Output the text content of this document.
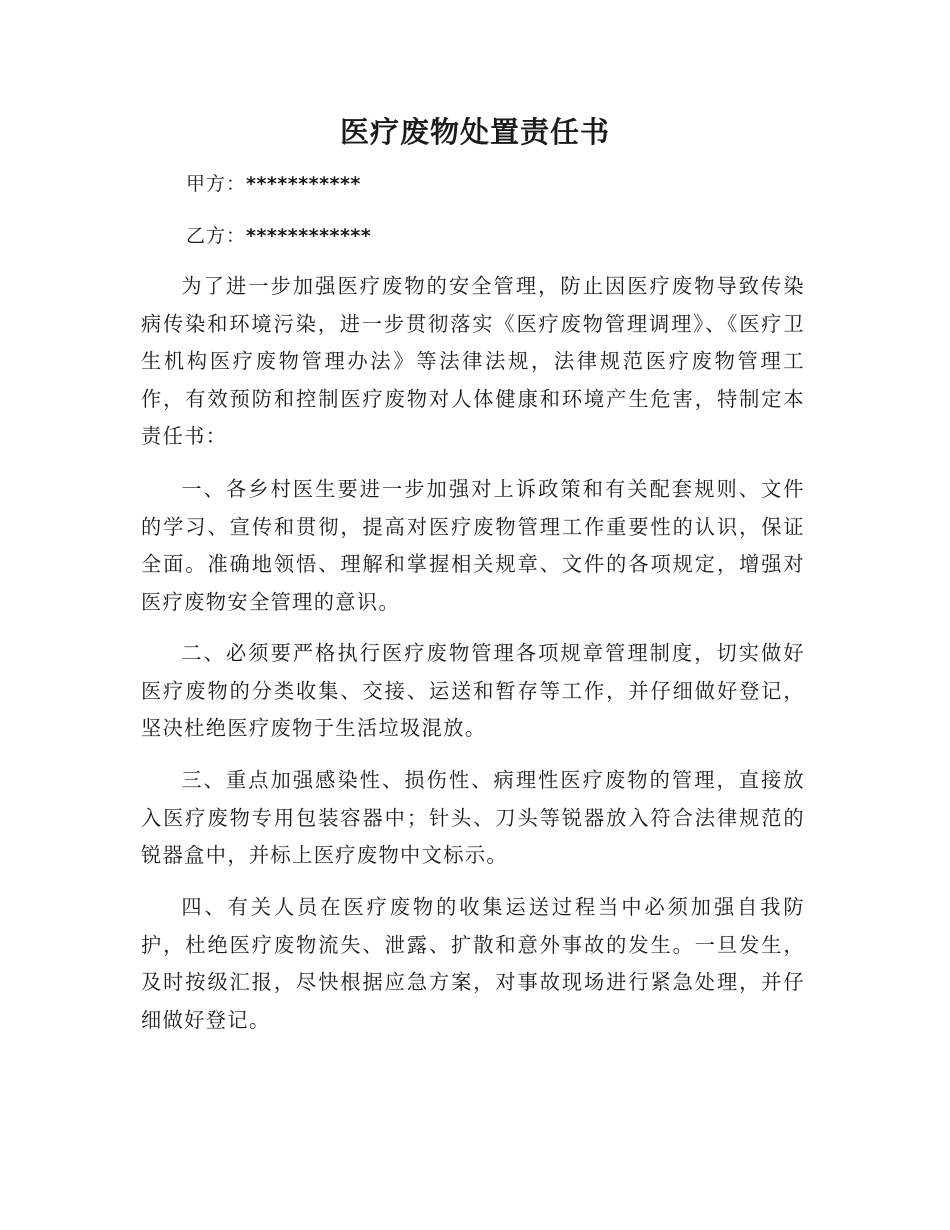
医疗废物处置责任书
甲方：***********
乙方：************

为了进一步加强医疗废物的安全管理，防止因医疗废物导致传染病传染和环境污染，进一步贯彻落实《医疗废物管理调理》、《医疗卫生机构医疗废物管理办法》等法律法规，法律规范医疗废物管理工作，有效预防和控制医疗废物对人体健康和环境产生危害，特制定本责任书：

一、各乡村医生要进一步加强对上诉政策和有关配套规则、文件的学习、宣传和贯彻，提高对医疗废物管理工作重要性的认识，保证全面。准确地领悟、理解和掌握相关规章、文件的各项规定，增强对医疗废物安全管理的意识。

二、必须要严格执行医疗废物管理各项规章管理制度，切实做好医疗废物的分类收集、交接、运送和暂存等工作，并仔细做好登记，坚决杜绝医疗废物于生活垃圾混放。

三、重点加强感染性、损伤性、病理性医疗废物的管理，直接放入医疗废物专用包装容器中；针头、刀头等锐器放入符合法律规范的锐器盒中，并标上医疗废物中文标示。

四、有关人员在医疗废物的收集运送过程当中必须加强自我防护，杜绝医疗废物流失、泄露、扩散和意外事故的发生。一旦发生，及时按级汇报，尽快根据应急方案，对事故现场进行紧急处理，并仔细做好登记。
